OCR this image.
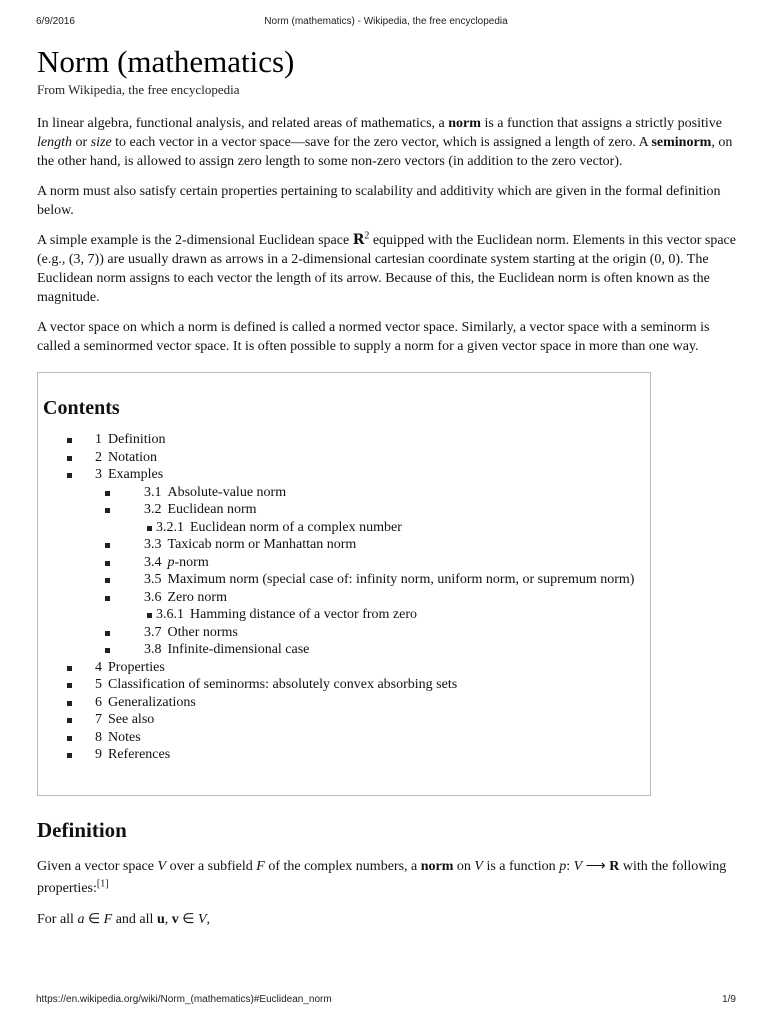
6/9/2016	Norm (mathematics) - Wikipedia, the free encyclopedia
Norm (mathematics)
From Wikipedia, the free encyclopedia

In linear algebra, functional analysis, and related areas of mathematics, a norm is a function that assigns a strictly positive length or size to each vector in a vector space—save for the zero vector, which is assigned a length of zero. A seminorm, on the other hand, is allowed to assign zero length to some non-zero vectors (in addition to the zero vector).

A norm must also satisfy certain properties pertaining to scalability and additivity which are given in the formal definition below.

A simple example is the 2-dimensional Euclidean space $R^2$ equipped with the Euclidean norm. Elements in this vector space (e.g., (3, 7)) are usually drawn as arrows in a 2-dimensional cartesian coordinate system starting at the origin (0, 0). The Euclidean norm assigns to each vector the length of its arrow. Because of this, the Euclidean norm is often known as the magnitude.

A vector space on which a norm is defined is called a normed vector space. Similarly, a vector space with a seminorm is called a seminormed vector space. It is often possible to supply a norm for a given vector space in more than one way.

Contents
1 Definition
2 Notation
3 Examples
3.1 Absolute-value norm
3.2 Euclidean norm
3.2.1 Euclidean norm of a complex number
3.3 Taxicab norm or Manhattan norm
3.4 p-norm
3.5 Maximum norm (special case of: infinity norm, uniform norm, or supremum norm)
3.6 Zero norm
3.6.1 Hamming distance of a vector from zero
3.7 Other norms
3.8 Infinite-dimensional case
4 Properties
5 Classification of seminorms: absolutely convex absorbing sets
6 Generalizations
7 See also
8 Notes
9 References
Definition

Given a vector space V over a subfield F of the complex numbers, a norm on V is a function p: V ⟶ R with the following properties:[1]

For all a ∈ F and all u, v ∈ V,

https://en.wikipedia.org/wiki/Norm_(mathematics)#Euclidean_norm	1/9
